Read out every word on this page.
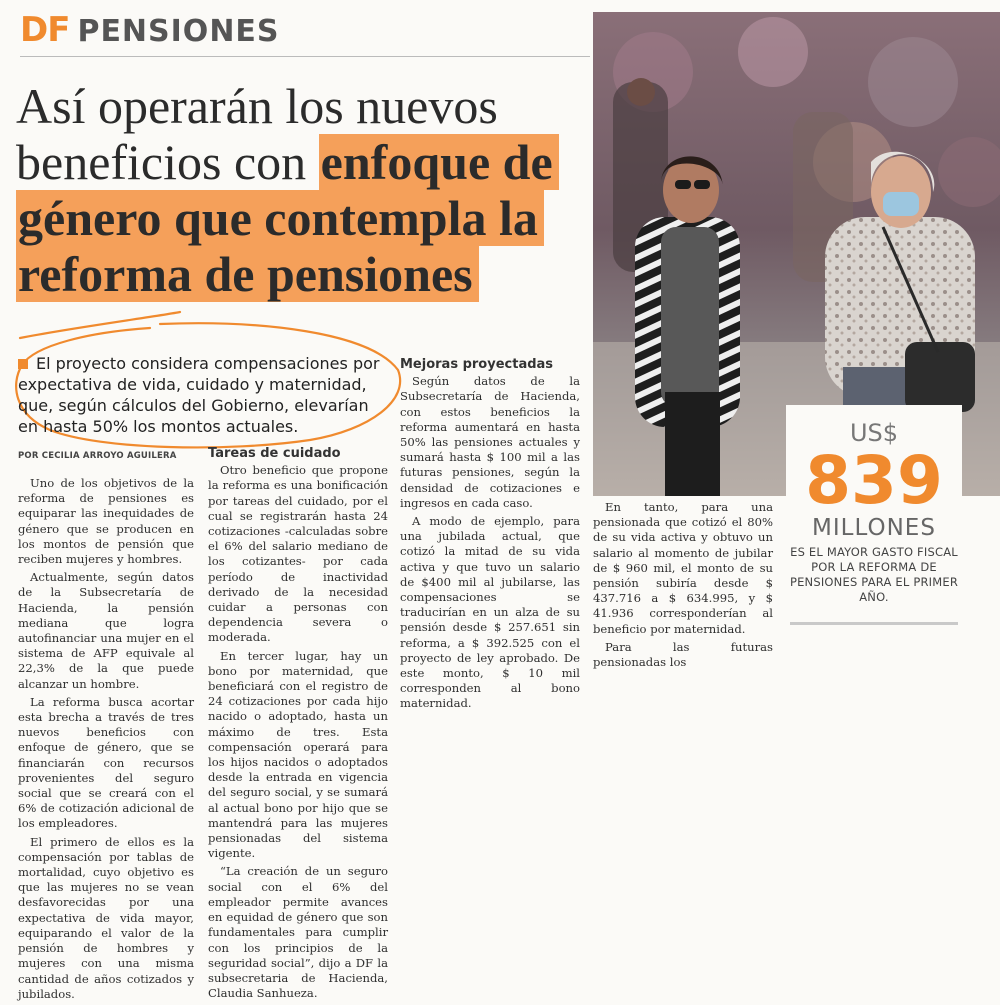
DF PENSIONES
Así operarán los nuevos
beneficios con enfoque de
género que contempla la
reforma de pensiones
El proyecto considera compensaciones por expectativa de vida, cuidado y maternidad, que, según cálculos del Gobierno, elevarían en hasta 50% los montos actuales.
POR CECILIA ARROYO AGUILERA

Uno de los objetivos de la reforma de pensiones es equiparar las inequidades de género que se producen en los montos de pensión que reciben mujeres y hombres.

Actualmente, según datos de la Subsecretaría de Hacienda, la pensión mediana que logra autofinanciar una mujer en el sistema de AFP equivale al 22,3% de la que puede alcanzar un hombre.

La reforma busca acortar esta brecha a través de tres nuevos beneficios con enfoque de género, que se financiarán con recursos provenientes del seguro social que se creará con el 6% de cotización adicional de los empleadores.

El primero de ellos es la compensación por tablas de mortalidad, cuyo objetivo es que las mujeres no se vean desfavorecidas por una expectativa de vida mayor, equiparando el valor de la pensión de hombres y mujeres con una misma cantidad de años cotizados y jubilados.

Tareas de cuidado

Otro beneficio que propone la reforma es una bonificación por tareas del cuidado, por el cual se registrarán hasta 24 cotizaciones -calculadas sobre el 6% del salario mediano de los cotizantes- por cada período de inactividad derivado de la necesidad cuidar a personas con dependencia severa o moderada.

En tercer lugar, hay un bono por maternidad, que beneficiará con el registro de 24 cotizaciones por cada hijo nacido o adoptado, hasta un máximo de tres. Esta compensación operará para los hijos nacidos o adoptados desde la entrada en vigencia del seguro social, y se sumará al actual bono por hijo que se mantendrá para las mujeres pensionadas del sistema vigente.

“La creación de un seguro social con el 6% del empleador permite avances en equidad de género que son fundamentales para cumplir con los principios de la seguridad social”, dijo a DF la subsecretaria de Hacienda, Claudia Sanhueza.

Mejoras proyectadas

Según datos de la Subsecretaría de Hacienda, con estos beneficios la reforma aumentará en hasta 50% las pensiones actuales y sumará hasta $ 100 mil a las futuras pensiones, según la densidad de cotizaciones e ingresos en cada caso.

A modo de ejemplo, para una jubilada actual, que cotizó la mitad de su vida activa y que tuvo un salario de $400 mil al jubilarse, las compensaciones se traducirían en un alza de su pensión desde $ 257.651 sin reforma, a $ 392.525 con el proyecto de ley aprobado. De este monto, $ 10 mil corresponden al bono maternidad.

En tanto, para una pensionada que cotizó el 80% de su vida activa y obtuvo un salario al momento de jubilar de $ 960 mil, el monto de su pensión subiría desde $ 437.716 a $ 634.995, y $ 41.936 corresponderían al beneficio por maternidad.

Para las futuras pensionadas los

US$
839
MILLONES
ES EL MAYOR GASTO FISCAL POR LA REFORMA DE PENSIONES PARA EL PRIMER AÑO.
